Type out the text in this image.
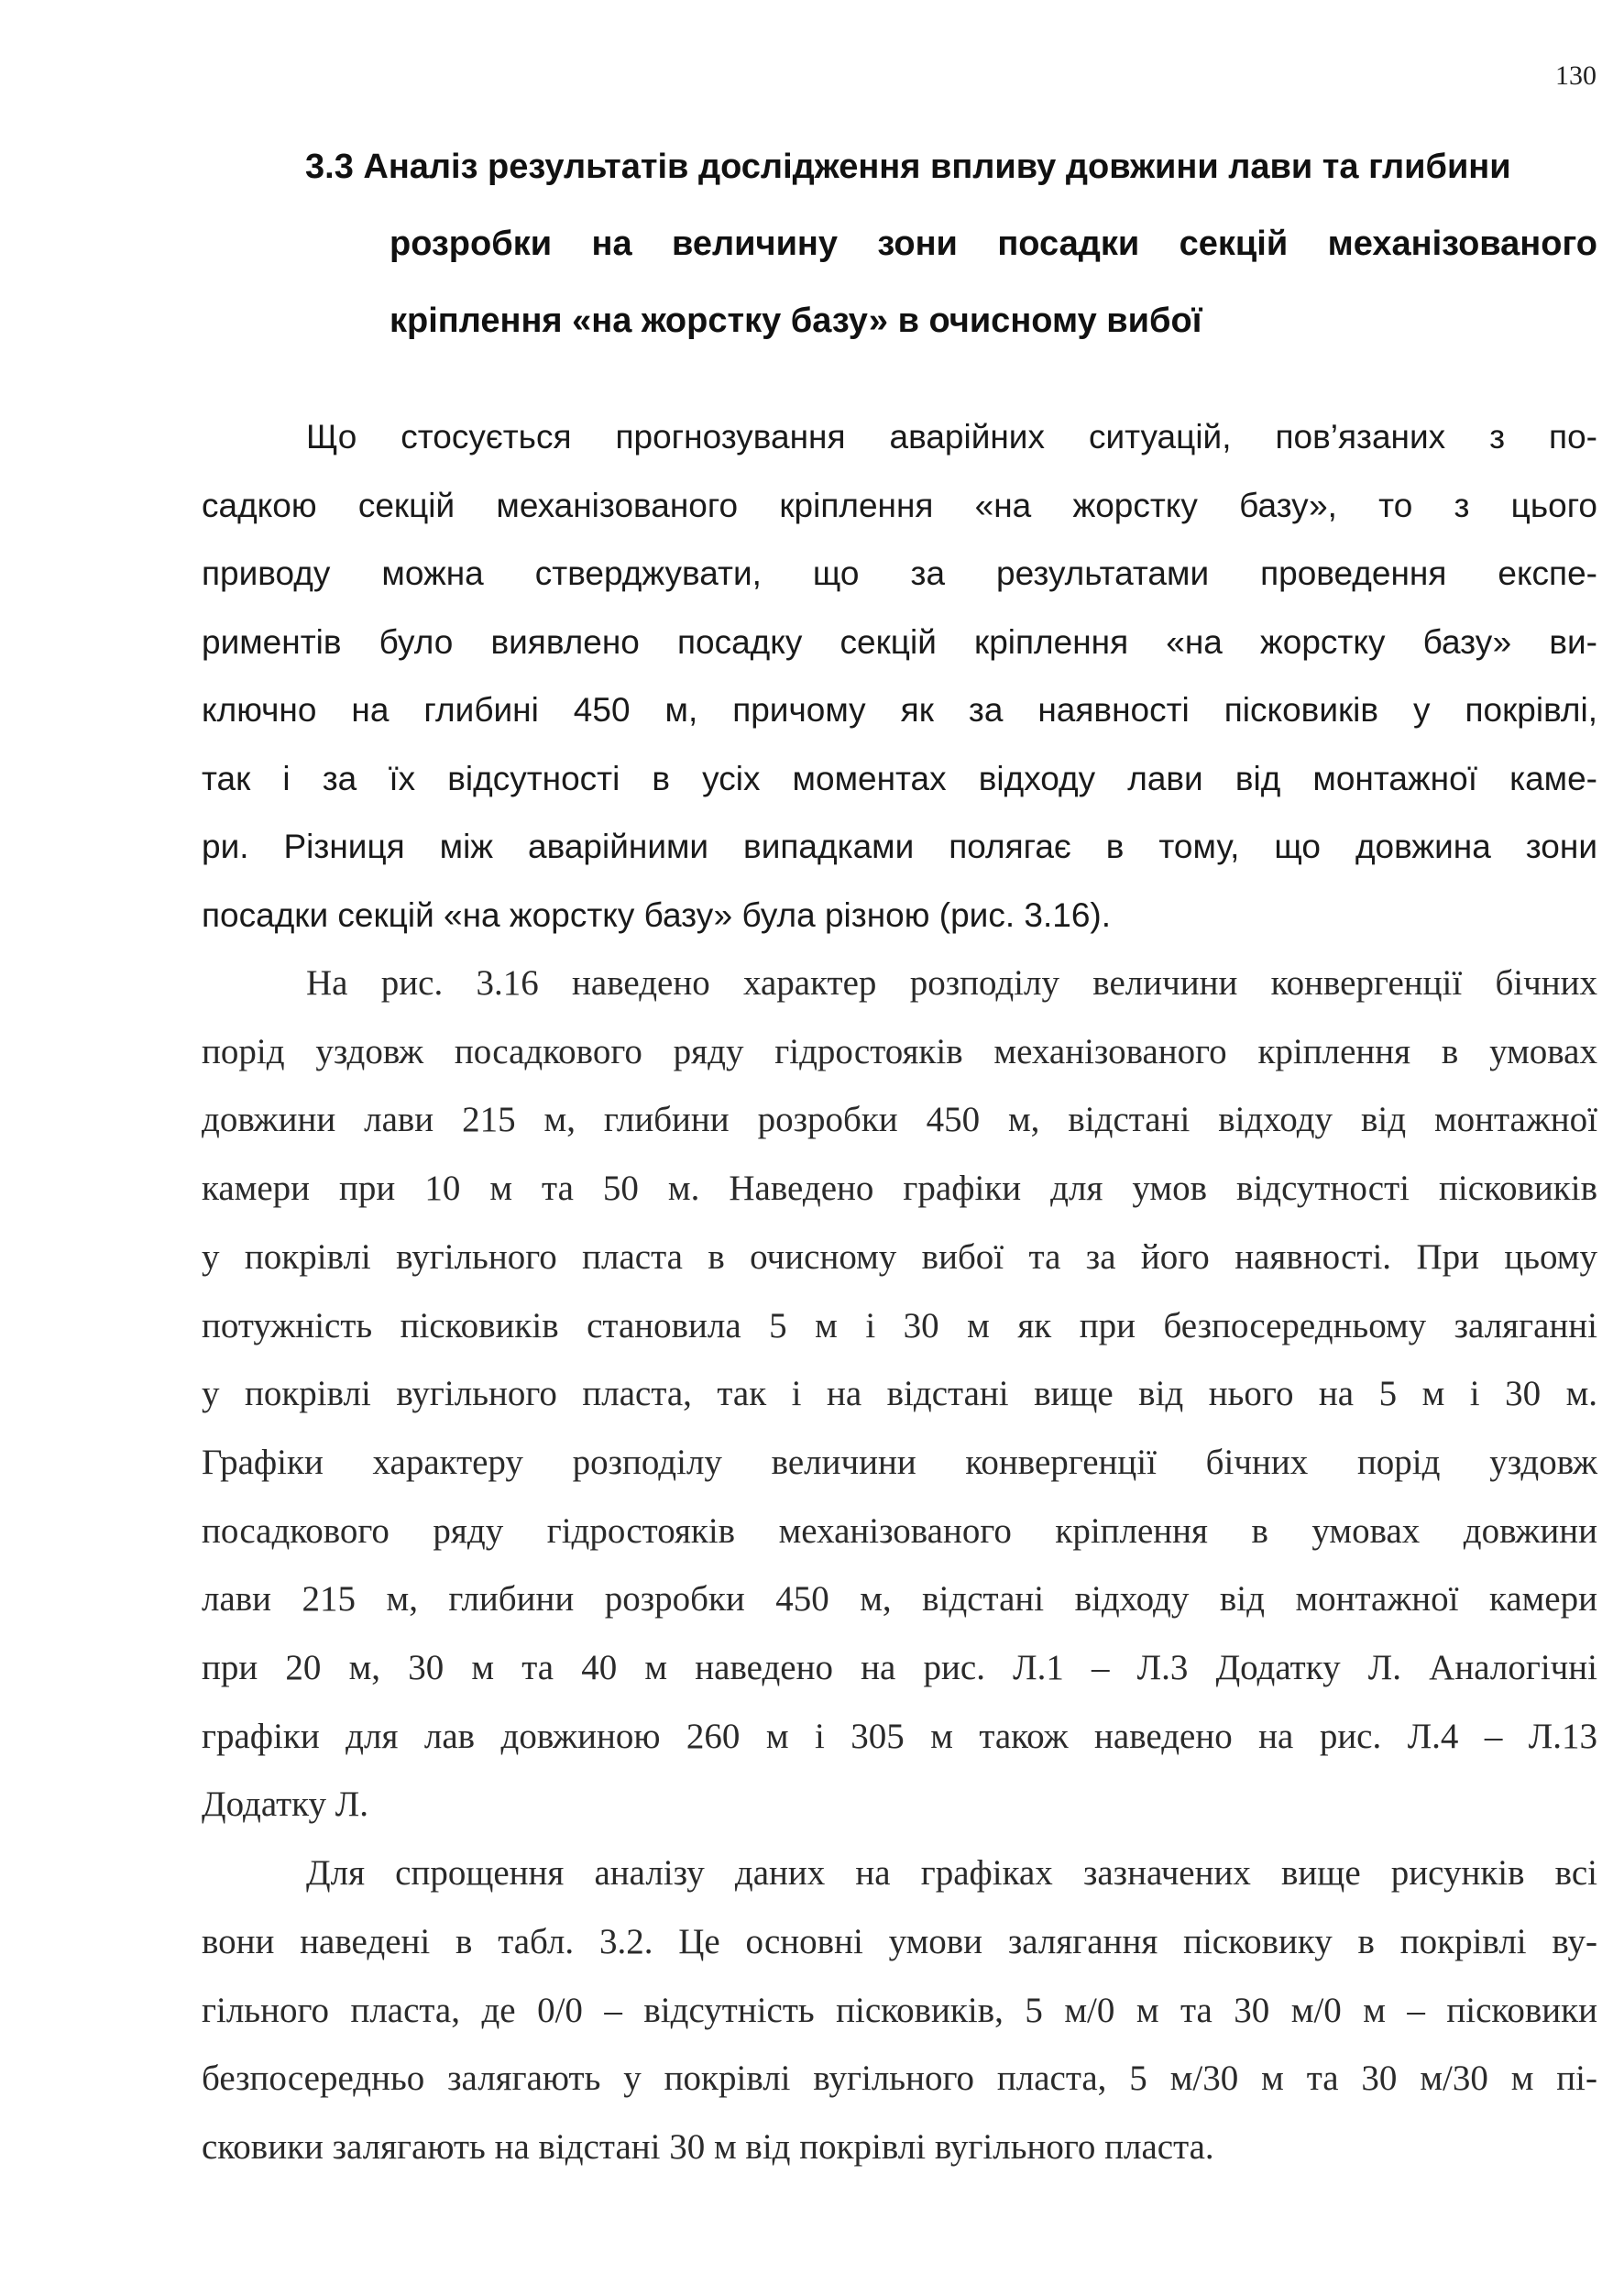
130
3.3 Аналіз результатів дослідження впливу довжини лави та глибини
розробки на величину зони посадки секцій механізованого
кріплення «на жорстку базу» в очисному вибої

Що стосується прогнозування аварійних ситуацій, пов’язаних з по-
садкою секцій механізованого кріплення «на жорстку базу», то з цього
приводу можна стверджувати, що за результатами проведення експе-
риментів було виявлено посадку секцій кріплення «на жорстку базу» ви-
ключно на глибині 450 м, причому як за наявності пісковиків у покрівлі,
так і за їх відсутності в усіх моментах відходу лави від монтажної каме-
ри. Різниця між аварійними випадками полягає в тому, що довжина зони
посадки секцій «на жорстку базу» була різною (рис. 3.16).

На рис. 3.16 наведено характер розподілу величини конвергенції бічних
порід уздовж посадкового ряду гідростояків механізованого кріплення в умовах
довжини лави 215 м, глибини розробки 450 м, відстані відходу від монтажної
камери при 10 м та 50 м. Наведено графіки для умов відсутності пісковиків
у покрівлі вугільного пласта в очисному вибої та за його наявності. При цьому
потужність пісковиків становила 5 м і 30 м як при безпосередньому заляганні
у покрівлі вугільного пласта, так і на відстані вище від нього на 5 м і 30 м.
Графіки характеру розподілу величини конвергенції бічних порід уздовж
посадкового ряду гідростояків механізованого кріплення в умовах довжини
лави 215 м, глибини розробки 450 м, відстані відходу від монтажної камери
при 20 м, 30 м та 40 м наведено на рис. Л.1 – Л.3 Додатку Л. Аналогічні
графіки для лав довжиною 260 м і 305 м також наведено на рис. Л.4 – Л.13
Додатку Л.

Для спрощення аналізу даних на графіках зазначених вище рисунків всі
вони наведені в табл. 3.2. Це основні умови залягання пісковику в покрівлі ву-
гільного пласта, де 0/0 – відсутність пісковиків, 5 м/0 м та 30 м/0 м – пісковики
безпосередньо залягають у покрівлі вугільного пласта, 5 м/30 м та 30 м/30 м пі-
сковики залягають на відстані 30 м від покрівлі вугільного пласта.
